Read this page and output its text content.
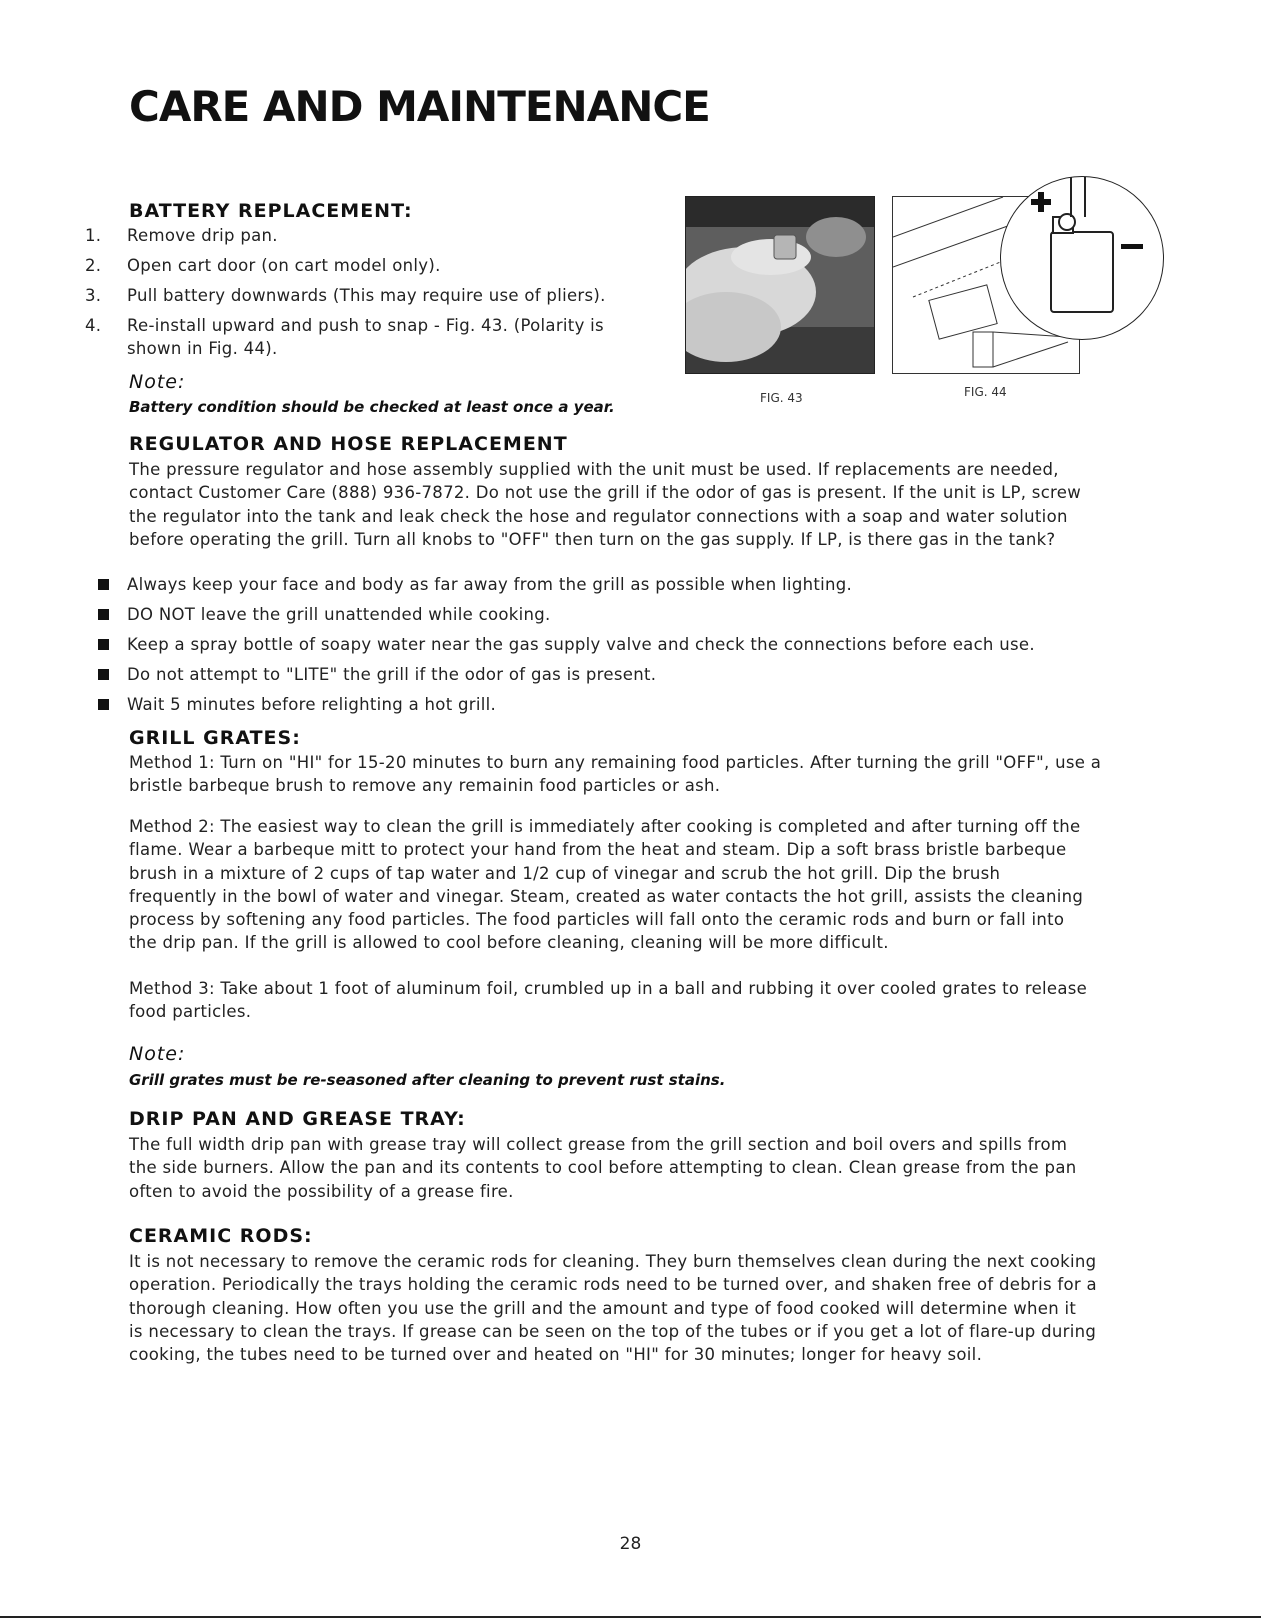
CARE AND MAINTENANCE
BATTERY REPLACEMENT:
1.	Remove drip pan.
2.	Open cart door (on cart model only).
3.	Pull battery downwards (This may require use of pliers).
4.	Re-install upward and push to snap - Fig. 43. (Polarity is
shown in Fig. 44).

Note:

Battery condition should be checked at least once a year.	FIG. 43	FIG. 44
REGULATOR AND HOSE REPLACEMENT
The pressure regulator and hose assembly supplied with the unit must be used. If replacements are needed,
contact Customer Care (888) 936-7872. Do not use the grill if the odor of gas is present. If the unit is LP, screw
the regulator into the tank and leak check the hose and regulator connections with a soap and water solution
before operating the grill. Turn all knobs to "OFF" then turn on the gas supply. If LP, is there gas in the tank?
Always keep your face and body as far away from the grill as possible when lighting.
DO NOT leave the grill unattended while cooking.
Keep a spray bottle of soapy water near the gas supply valve and check the connections before each use.
Do not attempt to "LITE" the grill if the odor of gas is present.
Wait 5 minutes before relighting a hot grill.
GRILL GRATES:
Method 1: Turn on "HI" for 15-20 minutes to burn any remaining food particles. After turning the grill "OFF", use a
bristle barbeque brush to remove any remainin food particles or ash.
Method 2: The easiest way to clean the grill is immediately after cooking is completed and after turning off the
flame. Wear a barbeque mitt to protect your hand from the heat and steam. Dip a soft brass bristle barbeque
brush in a mixture of 2 cups of tap water and 1/2 cup of vinegar and scrub the hot grill. Dip the brush
frequently in the bowl of water and vinegar. Steam, created as water contacts the hot grill, assists the cleaning
process by softening any food particles. The food particles will fall onto the ceramic rods and burn or fall into
the drip pan. If the grill is allowed to cool before cleaning, cleaning will be more difficult.
Method 3: Take about 1 foot of aluminum foil, crumbled up in a ball and rubbing it over cooled grates to release
food particles.

Note:

Grill grates must be re-seasoned after cleaning to prevent rust stains.

DRIP PAN AND GREASE TRAY:
The full width drip pan with grease tray will collect grease from the grill section and boil overs and spills from
the side burners. Allow the pan and its contents to cool before attempting to clean. Clean grease from the pan
often to avoid the possibility of a grease fire.
CERAMIC RODS:
It is not necessary to remove the ceramic rods for cleaning. They burn themselves clean during the next cooking
operation. Periodically the trays holding the ceramic rods need to be turned over, and shaken free of debris for a
thorough cleaning. How often you use the grill and the amount and type of food cooked will determine when it
is necessary to clean the trays. If grease can be seen on the top of the tubes or if you get a lot of flare-up during
cooking, the tubes need to be turned over and heated on "HI" for 30 minutes; longer for heavy soil.
28
